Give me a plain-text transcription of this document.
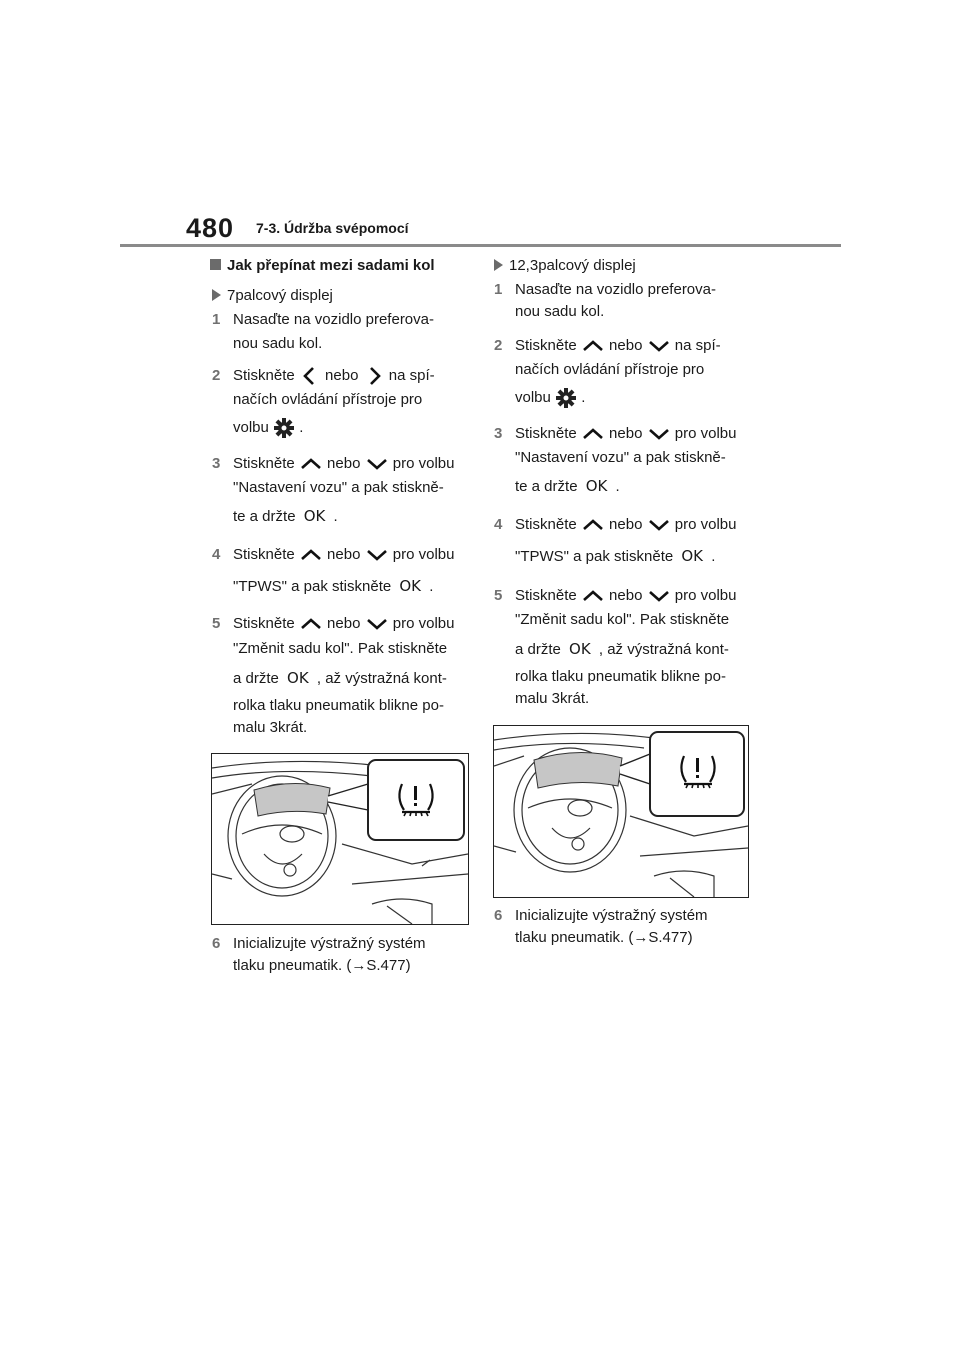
480 7-3. Údržba svépomocí
Jak přepínat mezi sadami kol
7palcový displej
1 Nasaďte na vozidlo preferova-
nou sadu kol.
2 Stiskněte nebo na spí-
načích ovládání přístroje pro
volbu .
3 Stiskněte nebo pro volbu
"Nastavení vozu" a pak stiskně-
te a držte OK .
4 Stiskněte nebo pro volbu
"TPWS" a pak stiskněte OK .
5 Stiskněte nebo pro volbu
"Změnit sadu kol". Pak stiskněte
a držte OK , až výstražná kont-
rolka tlaku pneumatik blikne po-
malu 3krát.
6 Inicializujte výstražný systém
tlaku pneumatik. (→S.477)
12,3palcový displej
1 Nasaďte na vozidlo preferova-
nou sadu kol.
2 Stiskněte nebo na spí-
načích ovládání přístroje pro
volbu .
3 Stiskněte nebo pro volbu
"Nastavení vozu" a pak stiskně-
te a držte OK .
4 Stiskněte nebo pro volbu
"TPWS" a pak stiskněte OK .
5 Stiskněte nebo pro volbu
"Změnit sadu kol". Pak stiskněte
a držte OK , až výstražná kont-
rolka tlaku pneumatik blikne po-
malu 3krát.
6 Inicializujte výstražný systém
tlaku pneumatik. (→S.477)
